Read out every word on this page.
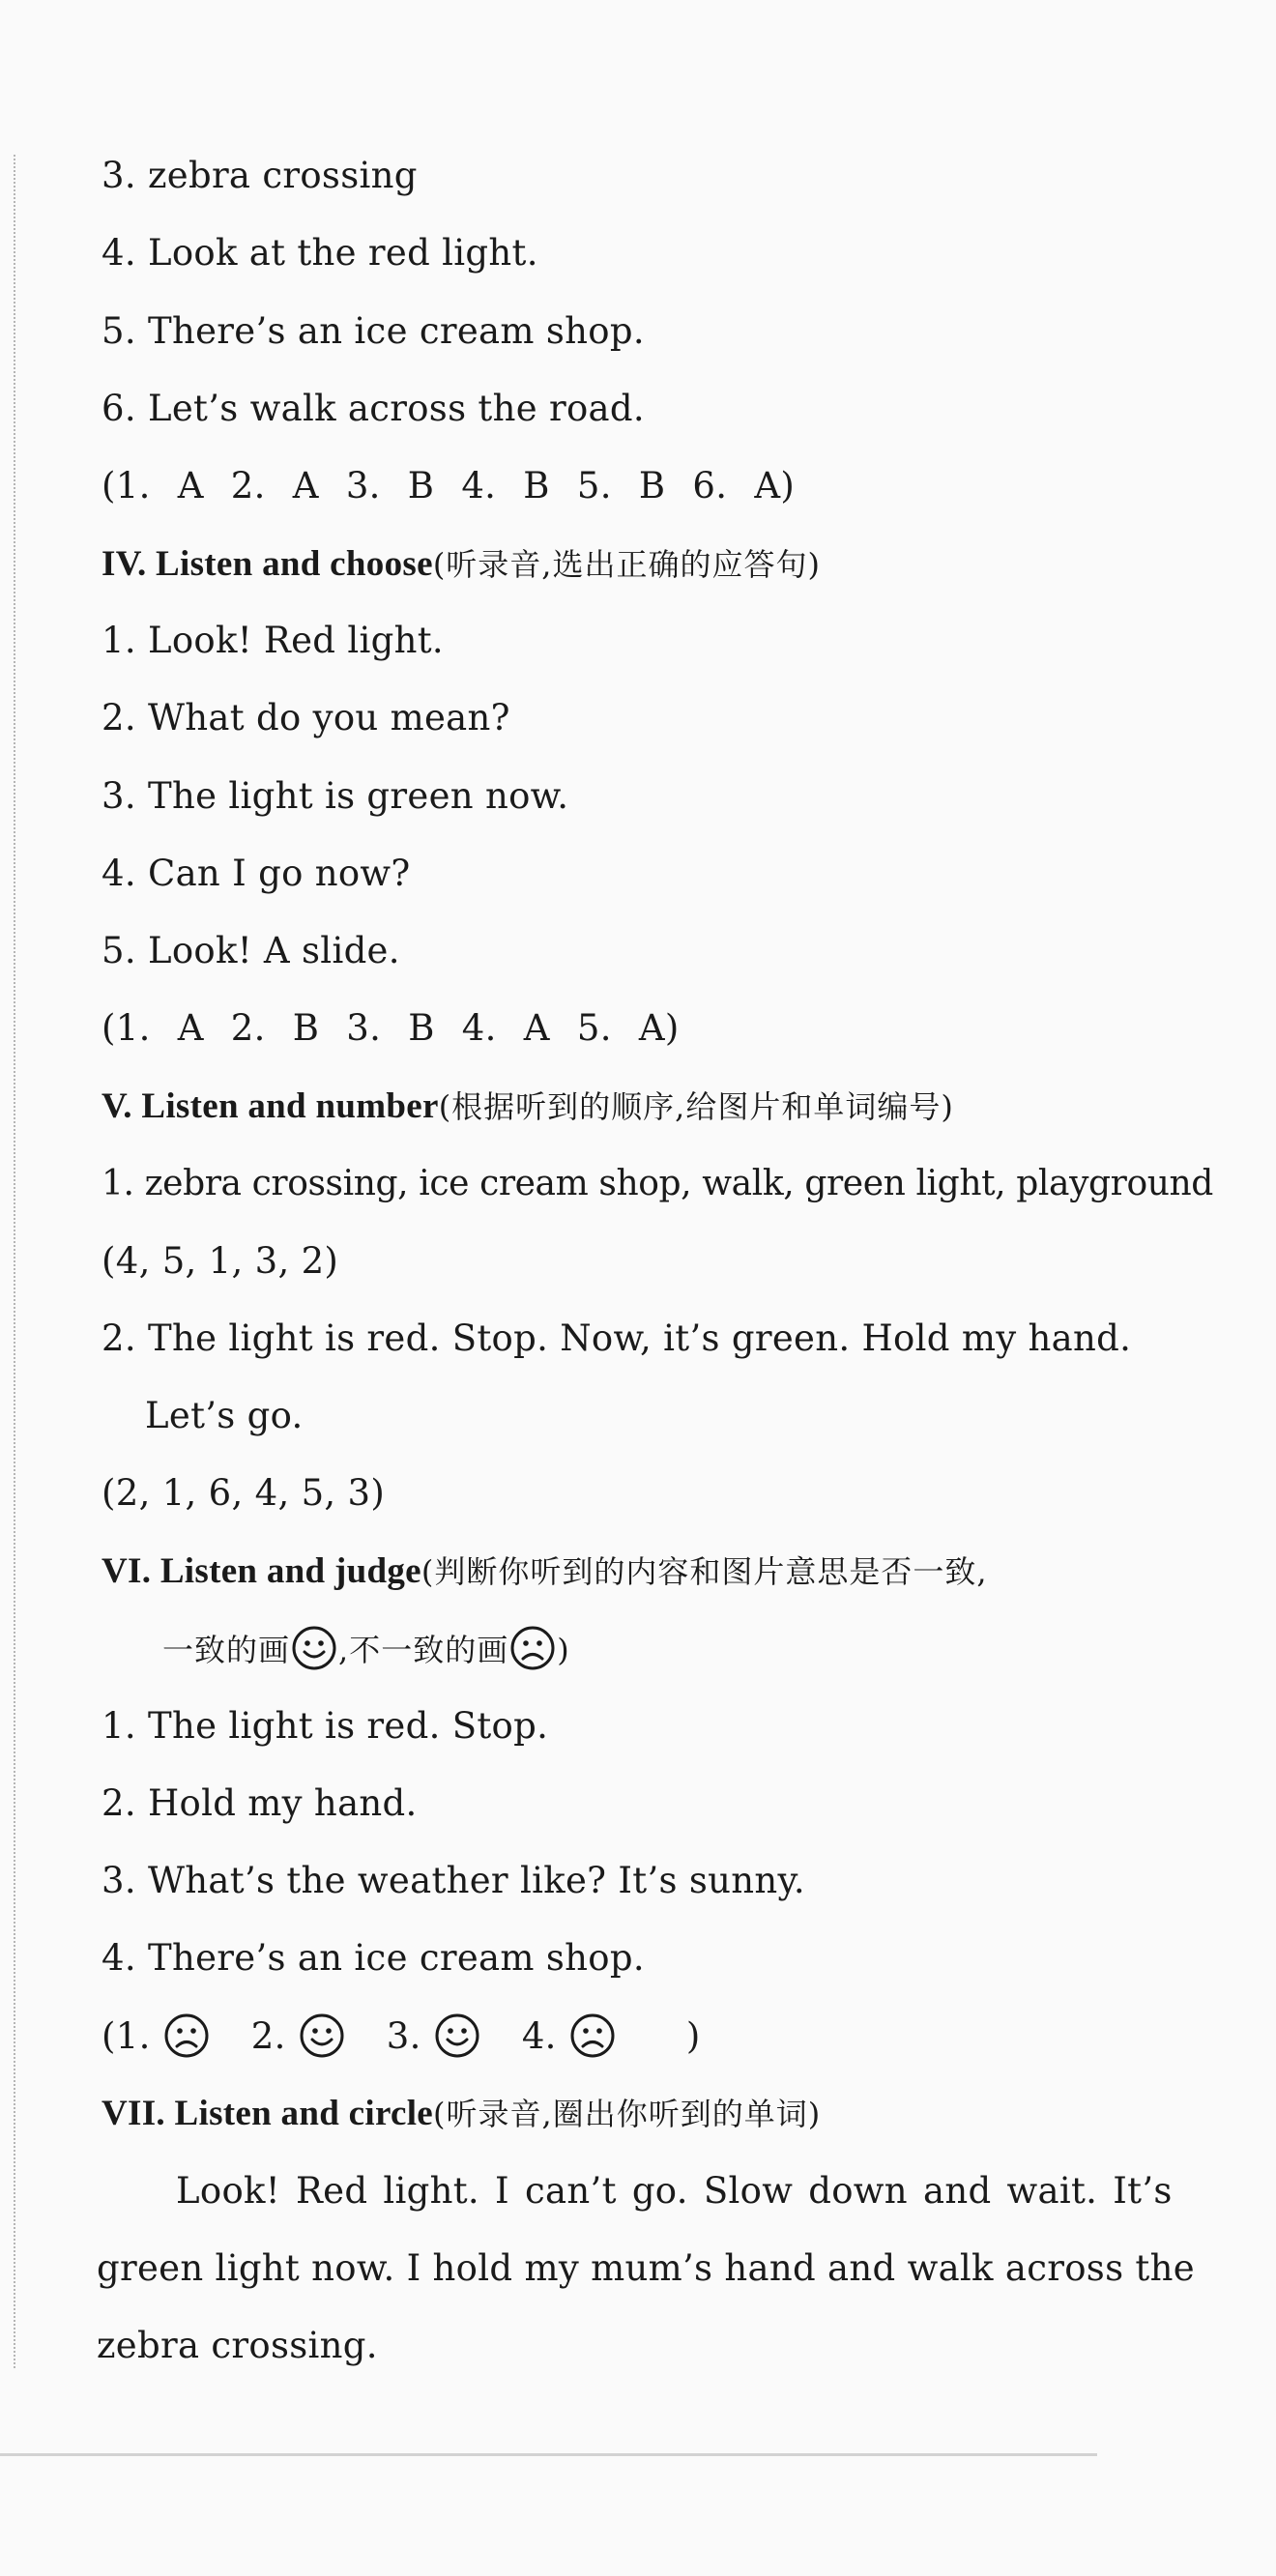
3. zebra crossing
4. Look at the red light.
5. There’s an ice cream shop.
6. Let’s walk across the road.
(1. A 2. A 3. B 4. B 5. B 6. A)
IV. Listen and choose(听录音,选出正确的应答句)
1. Look! Red light.
2. What do you mean?
3. The light is green now.
4. Can I go now?
5. Look! A slide.
(1. A 2. B 3. B 4. A 5. A)
V. Listen and number(根据听到的顺序,给图片和单词编号)
1. zebra crossing, ice cream shop, walk, green light, playground
(4, 5, 1, 3, 2)
2. The light is red. Stop. Now, it’s green. Hold my hand.
Let’s go.
(2, 1, 6, 4, 5, 3)
VI. Listen and judge(判断你听到的内容和图片意思是否一致,
一致的画 ,不一致的画 )
1. The light is red. Stop.
2. Hold my hand.
3. What’s the weather like? It’s sunny.
4. There’s an ice cream shop.
(1.	2.	3.	4.	)
VII. Listen and circle(听录音,圈出你听到的单词)
Look! Red light. I can’t go. Slow down and wait. It’s
green light now. I hold my mum’s hand and walk across the
zebra crossing.
